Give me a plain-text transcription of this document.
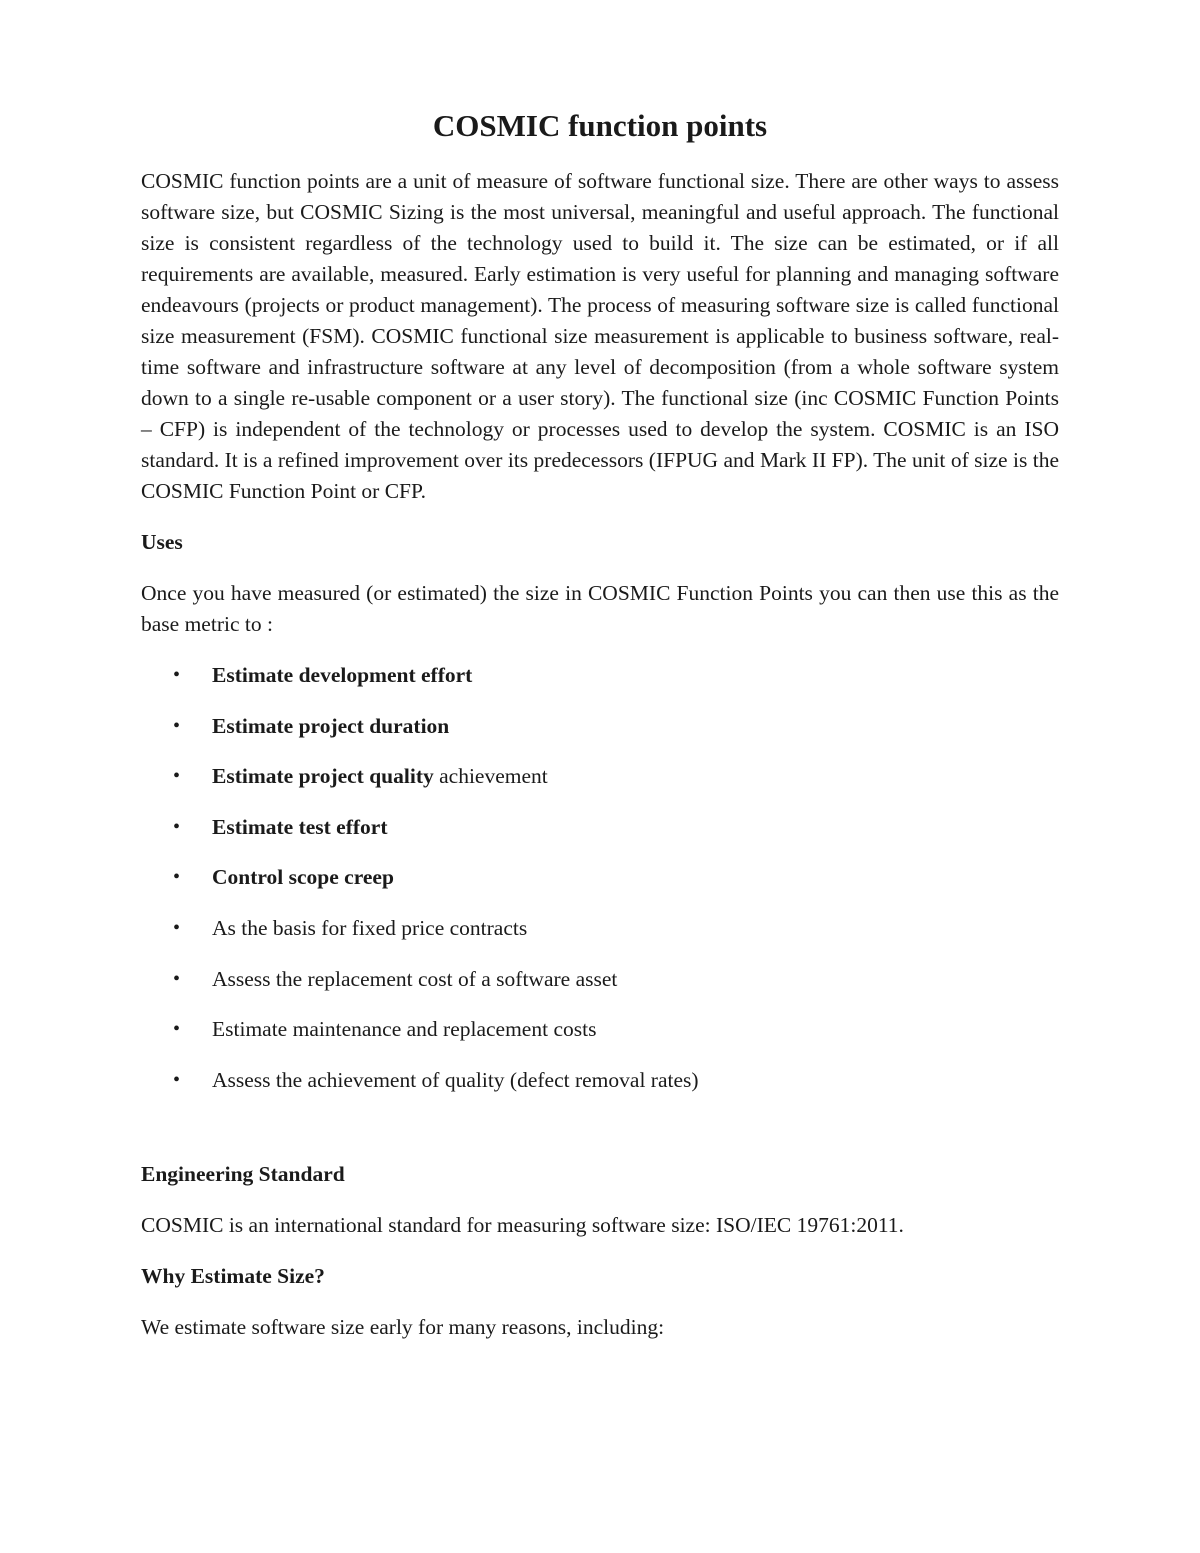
COSMIC function points

COSMIC function points are a unit of measure of software functional size. There are other ways to assess software size, but COSMIC Sizing is the most universal, meaningful and useful approach. The functional size is consistent regardless of the technology used to build it. The size can be estimated, or if all requirements are available, measured. Early estimation is very useful for planning and managing software endeavours (projects or product management). The process of measuring software size is called functional size measurement (FSM). COSMIC functional size measurement is applicable to business software, real-time software and infrastructure software at any level of decomposition (from a whole software system down to a single re-usable component or a user story). The functional size (inc COSMIC Function Points – CFP) is independent of the technology or processes used to develop the system. COSMIC is an ISO standard. It is a refined improvement over its predecessors (IFPUG and Mark II FP). The unit of size is the COSMIC Function Point or CFP.

Uses

Once you have measured (or estimated) the size in COSMIC Function Points you can then use this as the base metric to :

• Estimate development effort
• Estimate project duration
• Estimate project quality achievement
• Estimate test effort
• Control scope creep
• As the basis for fixed price contracts
• Assess the replacement cost of a software asset
• Estimate maintenance and replacement costs
• Assess the achievement of quality (defect removal rates)
Engineering Standard

COSMIC is an international standard for measuring software size: ISO/IEC 19761:2011.

Why Estimate Size?

We estimate software size early for many reasons, including:
